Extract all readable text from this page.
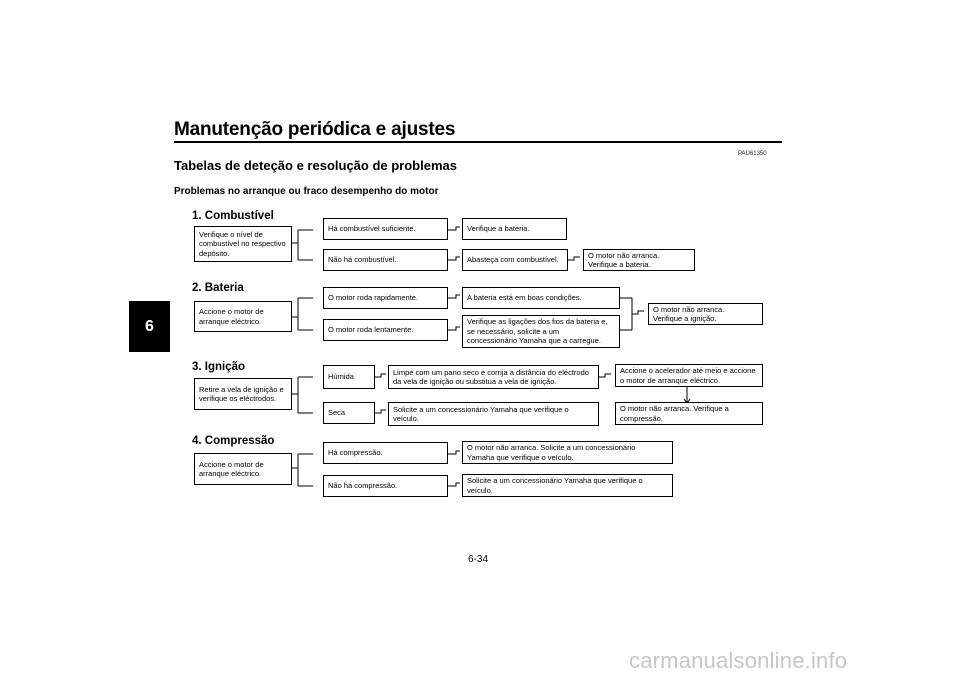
Manutenção periódica e ajustes
6
PAU61350
Tabelas de deteção e resolução de problemas
Problemas no arranque ou fraco desempenho do motor
1. Combustível
Verifique o nível de
combustível no respectivo
depósito.
Há combustível suficiente.	Verifique a bateria.
Não há combustível.	Abasteça com combustível.
O motor não arranca.
Verifique a bateria.
2. Bateria
Accione o motor de
arranque eléctrico.
O motor roda rapidamente.	A bateria está em boas condições.
O motor roda lentamente.
Verifique as ligações dos fios da bateria e,
se necessário, solicite a um
concessionário Yamaha que a carregue.
O motor não arranca.
Verifique a ignição.
3. Ignição
Retire a vela de ignição e
verifique os eléctrodos.
Húmida
Limpe com um pano seco e corrija a distância do eléctrodo
da vela de ignição ou substitua a vela de ignição.
Accione o acelerador até meio e accione
o motor de arranque eléctrico.
Seca	Solicite a um concessionário Yamaha que verifique o
veículo.
O motor não arranca. Verifique a
compressão.
4. Compressão
Accione o motor de
arranque eléctrico.
Há compressão.
O motor não arranca. Solicite a um concessionário
Yamaha que verifique o veículo.
Não há compressão.
Solicite a um concessionário Yamaha que verifique o
veículo.
6-34
carmanualsonline.info
